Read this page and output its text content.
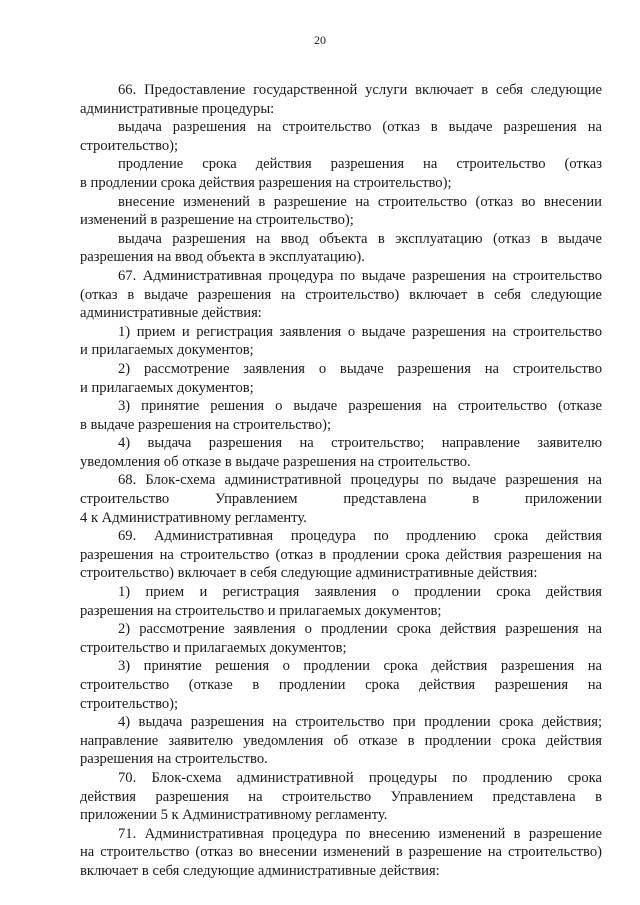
20
66. Предоставление государственной услуги включает в себя следующие
административные процедуры:
выдача разрешения на строительство (отказ в выдаче разрешения на
строительство);
продление срока действия разрешения на строительство (отказ
в продлении срока действия разрешения на строительство);
внесение изменений в разрешение на строительство (отказ во внесении
изменений в разрешение на строительство);
выдача разрешения на ввод объекта в эксплуатацию (отказ в выдаче
разрешения на ввод объекта в эксплуатацию).
67. Административная процедура по выдаче разрешения на строительство
(отказ в выдаче разрешения на строительство) включает в себя следующие
административные действия:
1) прием и регистрация заявления о выдаче разрешения на строительство
и прилагаемых документов;
2) рассмотрение заявления о выдаче разрешения на строительство
и прилагаемых документов;
3) принятие решения о выдаче разрешения на строительство (отказе
в выдаче разрешения на строительство);
4) выдача разрешения на строительство; направление заявителю
уведомления об отказе в выдаче разрешения на строительство.
68. Блок-схема административной процедуры по выдаче разрешения на
строительство Управлением представлена в приложении
4 к Административному регламенту.
69. Административная процедура по продлению срока действия
разрешения на строительство (отказ в продлении срока действия разрешения на
строительство) включает в себя следующие административные действия:
1) прием и регистрация заявления о продлении срока действия
разрешения на строительство и прилагаемых документов;
2) рассмотрение заявления о продлении срока действия разрешения на
строительство и прилагаемых документов;
3) принятие решения о продлении срока действия разрешения на
строительство (отказе в продлении срока действия разрешения на
строительство);
4) выдача разрешения на строительство при продлении срока действия;
направление заявителю уведомления об отказе в продлении срока действия
разрешения на строительство.
70. Блок-схема административной процедуры по продлению срока
действия разрешения на строительство Управлением представлена в
приложении 5 к Административному регламенту.
71. Административная процедура по внесению изменений в разрешение
на строительство (отказ во внесении изменений в разрешение на строительство)
включает в себя следующие административные действия:
